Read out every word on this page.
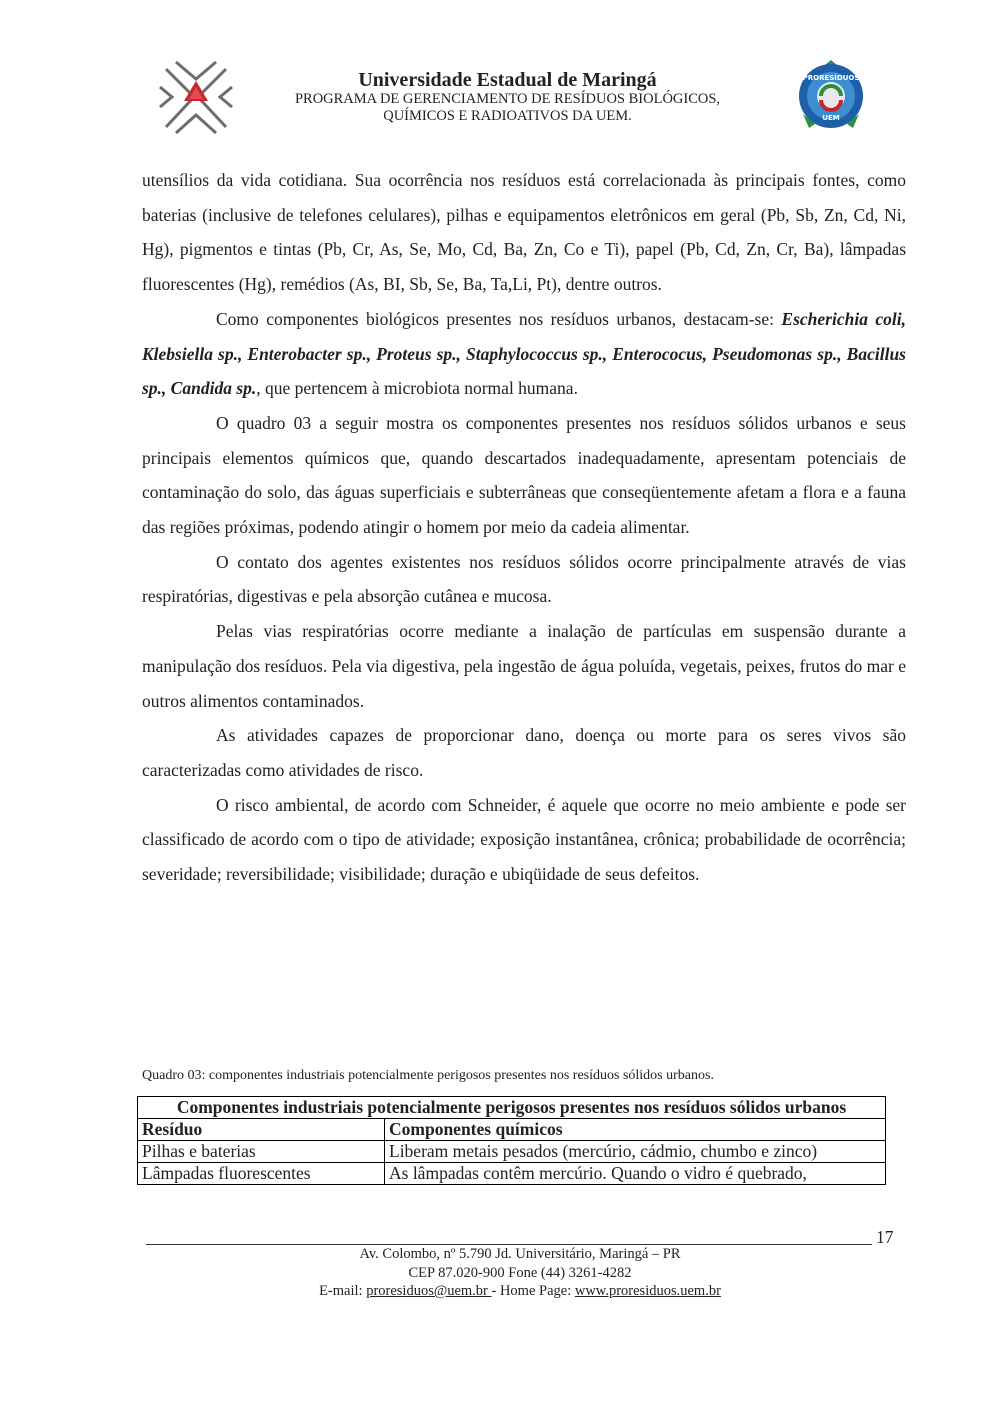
Universidade Estadual de Maringá
PROGRAMA DE GERENCIAMENTO DE RESÍDUOS BIOLÓGICOS,
QUÍMICOS E RADIOATIVOS DA UEM.
PRORESÍDUOS
UEM

utensílios da vida cotidiana. Sua ocorrência nos resíduos está correlacionada às principais fontes, como baterias (inclusive de telefones celulares), pilhas e equipamentos eletrônicos em geral (Pb, Sb, Zn, Cd, Ni, Hg), pigmentos e tintas (Pb, Cr, As, Se, Mo, Cd, Ba, Zn, Co e Ti), papel (Pb, Cd, Zn, Cr, Ba), lâmpadas fluorescentes (Hg), remédios (As, BI, Sb, Se, Ba, Ta,Li, Pt), dentre outros.

Como componentes biológicos presentes nos resíduos urbanos, destacam-se: Escherichia coli, Klebsiella sp., Enterobacter sp., Proteus sp., Staphylococcus sp., Enterococus, Pseudomonas sp., Bacillus sp., Candida sp., que pertencem à microbiota normal humana.

O quadro 03 a seguir mostra os componentes presentes nos resíduos sólidos urbanos e seus principais elementos químicos que, quando descartados inadequadamente, apresentam potenciais de contaminação do solo, das águas superficiais e subterrâneas que conseqüentemente afetam a flora e a fauna das regiões próximas, podendo atingir o homem por meio da cadeia alimentar.

O contato dos agentes existentes nos resíduos sólidos ocorre principalmente através de vias respiratórias, digestivas e pela absorção cutânea e mucosa.

Pelas vias respiratórias ocorre mediante a inalação de partículas em suspensão durante a manipulação dos resíduos. Pela via digestiva, pela ingestão de água poluída, vegetais, peixes, frutos do mar e outros alimentos contaminados.

As atividades capazes de proporcionar dano, doença ou morte para os seres vivos são caracterizadas como atividades de risco.

O risco ambiental, de acordo com Schneider, é aquele que ocorre no meio ambiente e pode ser classificado de acordo com o tipo de atividade; exposição instantânea, crônica; probabilidade de ocorrência; severidade; reversibilidade; visibilidade; duração e ubiqüidade de seus defeitos.

Quadro 03: componentes industriais potencialmente perigosos presentes nos resíduos sólidos urbanos.
Componentes industriais potencialmente perigosos presentes nos resíduos sólidos urbanos	
Resíduo	Componentes químicos
Pilhas e baterias	Liberam metais pesados (mercúrio, cádmio, chumbo e zinco)
Lâmpadas fluorescentes	As lâmpadas contêm mercúrio. Quando o vidro é quebrado,
17
Av. Colombo, nº 5.790 Jd. Universitário, Maringá – PR
CEP 87.020-900 Fone (44) 3261-4282
E-mail: proresiduos@uem.br - Home Page: www.proresiduos.uem.br
